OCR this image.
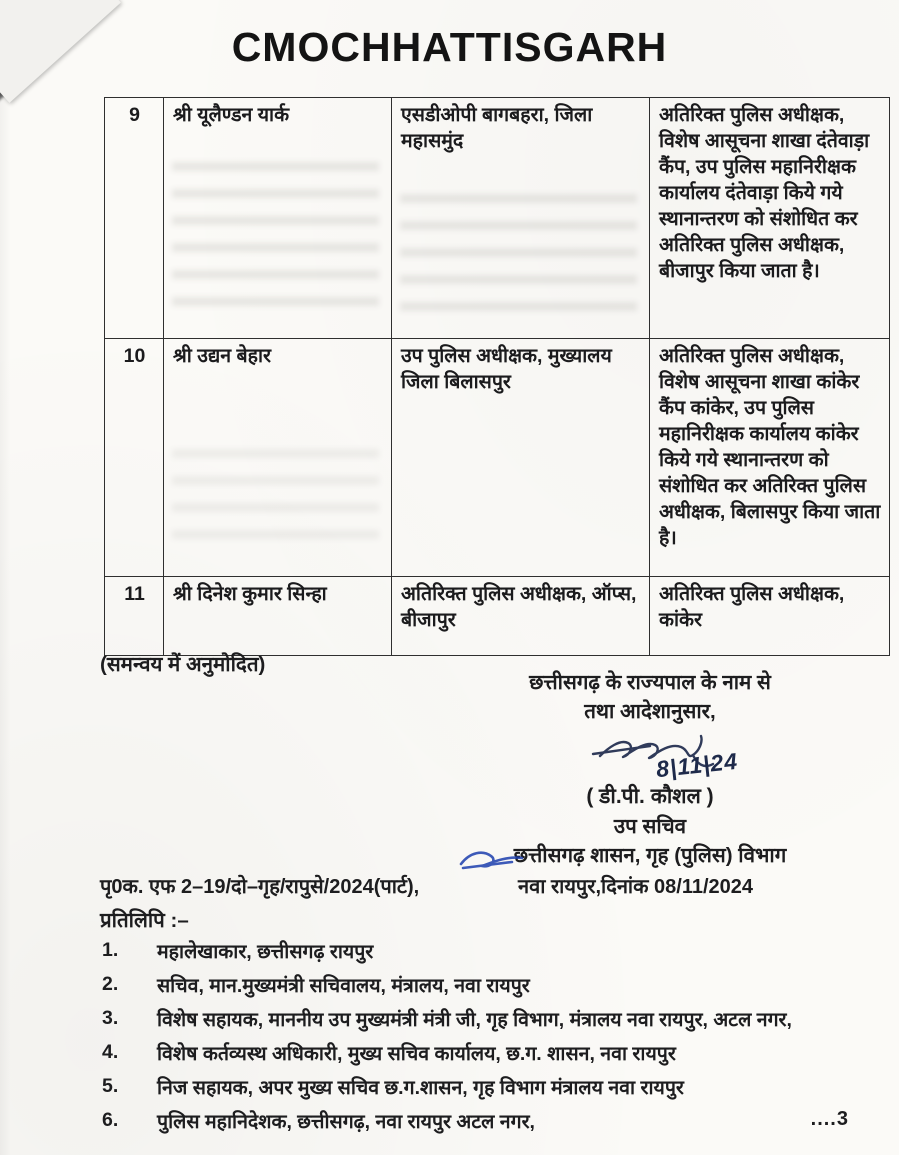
CMOCHHATTISGARH
9	श्री यूलैण्डन यार्क	एसडीओपी बागबहरा, जिला महासमुंद	अतिरिक्त पुलिस अधीक्षक, विशेष आसूचना शाखा दंतेवाड़ा कैंप, उप पुलिस महानिरीक्षक कार्यालय दंतेवाड़ा किये गये स्थानान्तरण को संशोधित कर अतिरिक्त पुलिस अधीक्षक, बीजापुर किया जाता है।
10	श्री उद्यन बेहार	उप पुलिस अधीक्षक, मुख्यालय जिला बिलासपुर	अतिरिक्त पुलिस अधीक्षक, विशेष आसूचना शाखा कांकेर कैंप कांकेर, उप पुलिस महानिरीक्षक कार्यालय कांकेर किये गये स्थानान्तरण को संशोधित कर अतिरिक्त पुलिस अधीक्षक, बिलासपुर किया जाता है।
11	श्री दिनेश कुमार सिन्हा	अतिरिक्त पुलिस अधीक्षक, ऑप्स, बीजापुर	अतिरिक्त पुलिस अधीक्षक, कांकेर
(समन्वय में अनुमोदित)
छत्तीसगढ़ के राज्यपाल के नाम से
तथा आदेशानुसार,
8|11|24
( डी.पी. कौशल )
उप सचिव
छत्तीसगढ़ शासन, गृह (पुलिस) विभाग
पृ0क. एफ 2–19/दो–गृह/रापुसे/2024(पार्ट),	नवा रायपुर,दिनांक 08/11/2024
प्रतिलिपि :–
1.	महालेखाकार, छत्तीसगढ़ रायपुर
2.	सचिव, मान.मुख्यमंत्री सचिवालय, मंत्रालय, नवा रायपुर
3.	विशेष सहायक, माननीय उप मुख्यमंत्री मंत्री जी, गृह विभाग, मंत्रालय नवा रायपुर, अटल नगर,
4.	विशेष कर्तव्यस्थ अधिकारी, मुख्य सचिव कार्यालय, छ.ग. शासन, नवा रायपुर
5.	निज सहायक, अपर मुख्य सचिव छ.ग.शासन, गृह विभाग मंत्रालय नवा रायपुर
6.	पुलिस महानिदेशक, छत्तीसगढ़, नवा रायपुर अटल नगर,	....3
